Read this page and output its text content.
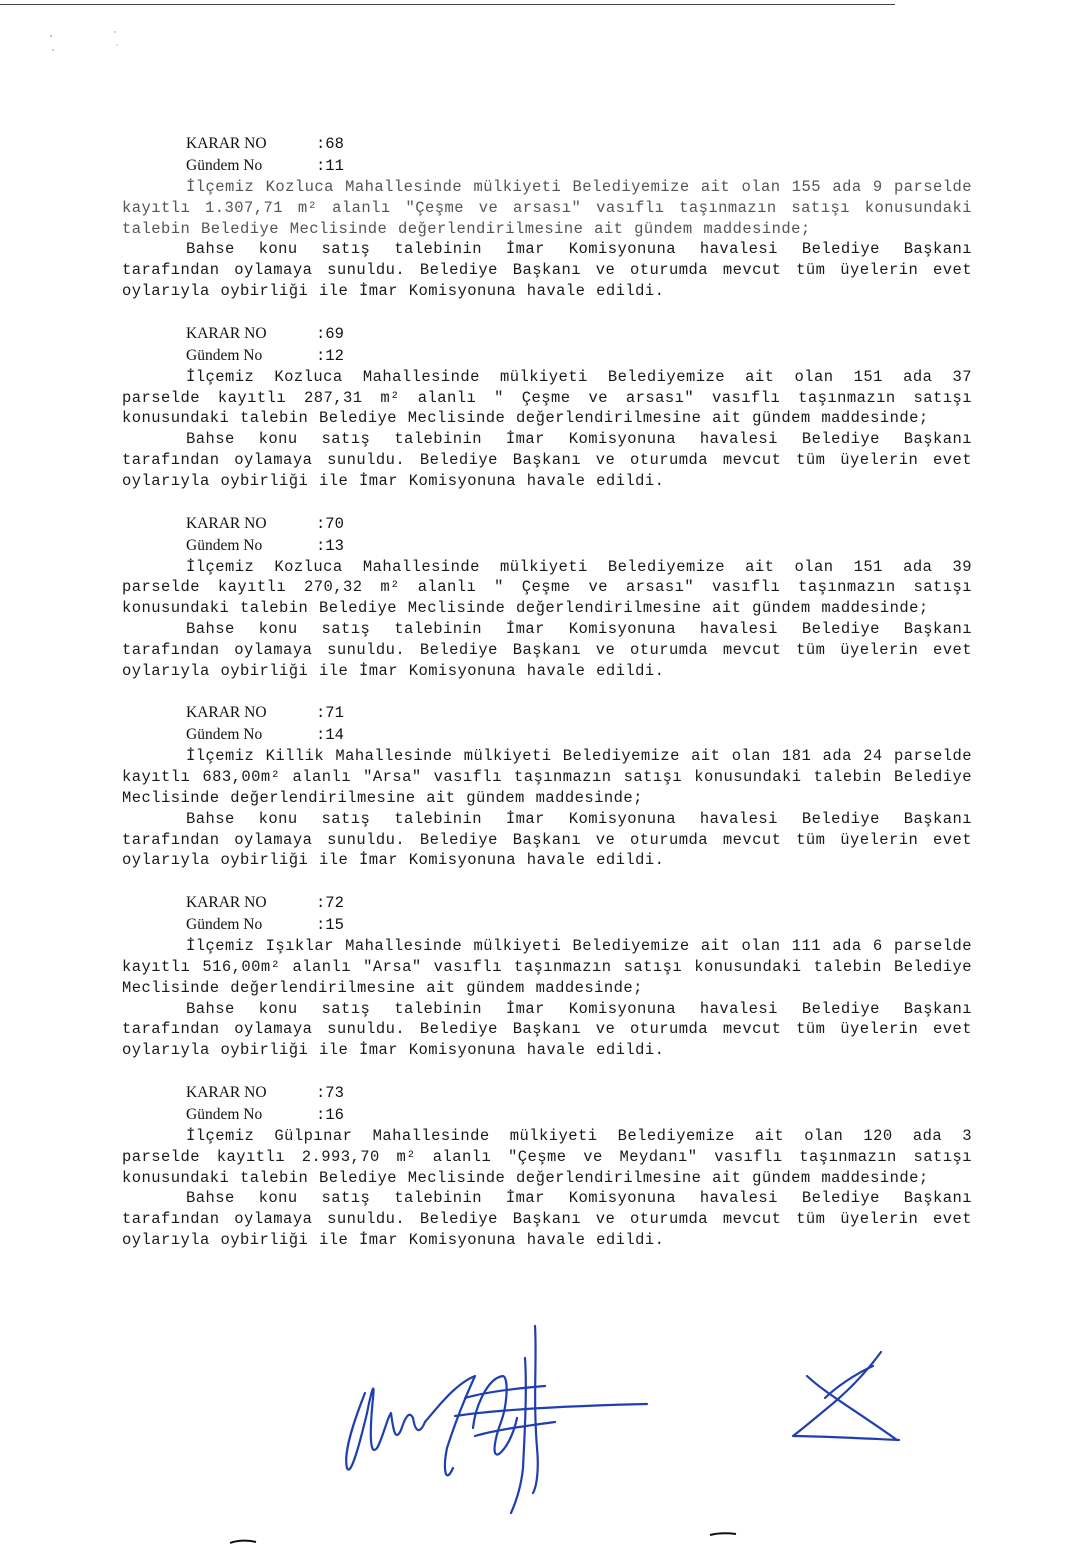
KARAR NO	:68
Gündem No	:11

İlçemiz Kozluca Mahallesinde mülkiyeti Belediyemize ait olan 155 ada 9 parselde kayıtlı 1.307,71 m² alanlı "Çeşme ve arsası" vasıflı taşınmazın satışı konusundaki talebin Belediye Meclisinde değerlendirilmesine ait gündem maddesinde;

Bahse konu satış talebinin İmar Komisyonuna havalesi Belediye Başkanı tarafından oylamaya sunuldu. Belediye Başkanı ve oturumda mevcut tüm üyelerin evet oylarıyla oybirliği ile İmar Komisyonuna havale edildi.

KARAR NO	:69
Gündem No	:12

İlçemiz Kozluca Mahallesinde mülkiyeti Belediyemize ait olan 151 ada 37 parselde kayıtlı 287,31 m² alanlı " Çeşme ve arsası" vasıflı taşınmazın satışı konusundaki talebin Belediye Meclisinde değerlendirilmesine ait gündem maddesinde;

Bahse konu satış talebinin İmar Komisyonuna havalesi Belediye Başkanı tarafından oylamaya sunuldu. Belediye Başkanı ve oturumda mevcut tüm üyelerin evet oylarıyla oybirliği ile İmar Komisyonuna havale edildi.

KARAR NO	:70
Gündem No	:13

İlçemiz Kozluca Mahallesinde mülkiyeti Belediyemize ait olan 151 ada 39 parselde kayıtlı 270,32 m² alanlı " Çeşme ve arsası" vasıflı taşınmazın satışı konusundaki talebin Belediye Meclisinde değerlendirilmesine ait gündem maddesinde;

Bahse konu satış talebinin İmar Komisyonuna havalesi Belediye Başkanı tarafından oylamaya sunuldu. Belediye Başkanı ve oturumda mevcut tüm üyelerin evet oylarıyla oybirliği ile İmar Komisyonuna havale edildi.

KARAR NO	:71
Gündem No	:14

İlçemiz Killik Mahallesinde mülkiyeti Belediyemize ait olan 181 ada 24 parselde kayıtlı 683,00m² alanlı "Arsa" vasıflı taşınmazın satışı konusundaki talebin Belediye Meclisinde değerlendirilmesine ait gündem maddesinde;

Bahse konu satış talebinin İmar Komisyonuna havalesi Belediye Başkanı tarafından oylamaya sunuldu. Belediye Başkanı ve oturumda mevcut tüm üyelerin evet oylarıyla oybirliği ile İmar Komisyonuna havale edildi.

KARAR NO	:72
Gündem No	:15

İlçemiz Işıklar Mahallesinde mülkiyeti Belediyemize ait olan 111 ada 6 parselde kayıtlı 516,00m² alanlı "Arsa" vasıflı taşınmazın satışı konusundaki talebin Belediye Meclisinde değerlendirilmesine ait gündem maddesinde;

Bahse konu satış talebinin İmar Komisyonuna havalesi Belediye Başkanı tarafından oylamaya sunuldu. Belediye Başkanı ve oturumda mevcut tüm üyelerin evet oylarıyla oybirliği ile İmar Komisyonuna havale edildi.

KARAR NO	:73
Gündem No	:16

İlçemiz Gülpınar Mahallesinde mülkiyeti Belediyemize ait olan 120 ada 3 parselde kayıtlı 2.993,70 m² alanlı "Çeşme ve Meydanı" vasıflı taşınmazın satışı konusundaki talebin Belediye Meclisinde değerlendirilmesine ait gündem maddesinde;

Bahse konu satış talebinin İmar Komisyonuna havalesi Belediye Başkanı tarafından oylamaya sunuldu. Belediye Başkanı ve oturumda mevcut tüm üyelerin evet oylarıyla oybirliği ile İmar Komisyonuna havale edildi.
